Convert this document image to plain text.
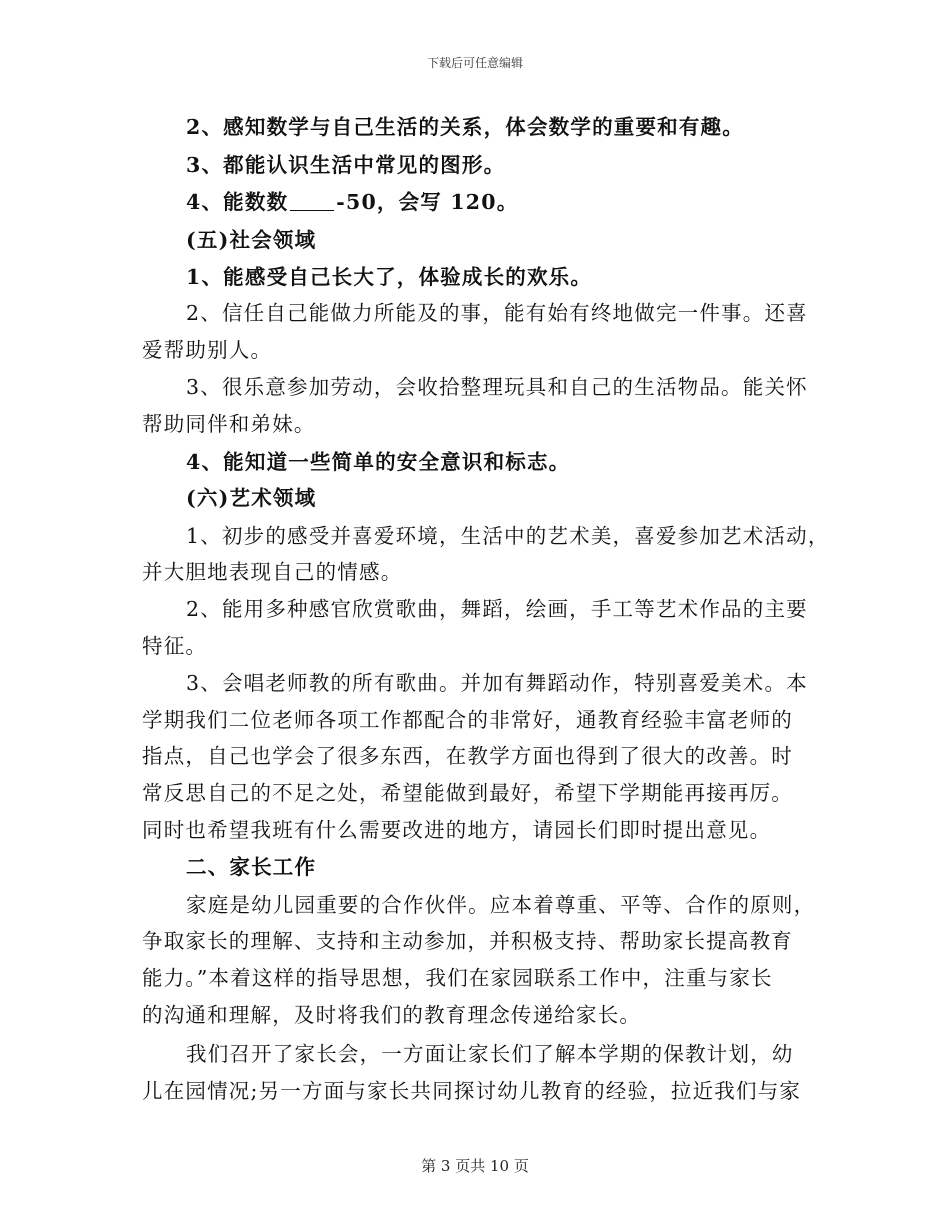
下载后可任意编辑
2、感知数学与自己生活的关系，体会数学的重要和有趣。
3、都能认识生活中常见的图形。
4、能数数 -50，会写 120。
(五)社会领域
1、能感受自己长大了，体验成长的欢乐。
2、信任自己能做力所能及的事，能有始有终地做完一件事。还喜
爱帮助别人。
3、很乐意参加劳动，会收拾整理玩具和自己的生活物品。能关怀
帮助同伴和弟妹。
4、能知道一些简单的安全意识和标志。
(六)艺术领域
1、初步的感受并喜爱环境，生活中的艺术美，喜爱参加艺术活动，
并大胆地表现自己的情感。
2、能用多种感官欣赏歌曲，舞蹈，绘画，手工等艺术作品的主要
特征。
3、会唱老师教的所有歌曲。并加有舞蹈动作，特别喜爱美术。本
学期我们二位老师各项工作都配合的非常好，通教育经验丰富老师的
指点，自己也学会了很多东西，在教学方面也得到了很大的改善。时
常反思自己的不足之处，希望能做到最好，希望下学期能再接再厉。
同时也希望我班有什么需要改进的地方，请园长们即时提出意见。
二、家长工作
家庭是幼儿园重要的合作伙伴。应本着尊重、平等、合作的原则，
争取家长的理解、支持和主动参加，并积极支持、帮助家长提高教育
能力。”本着这样的指导思想，我们在家园联系工作中，注重与家长
的沟通和理解，及时将我们的教育理念传递给家长。
我们召开了家长会，一方面让家长们了解本学期的保教计划，幼
儿在园情况;另一方面与家长共同探讨幼儿教育的经验，拉近我们与家
第 3 页共 10 页
